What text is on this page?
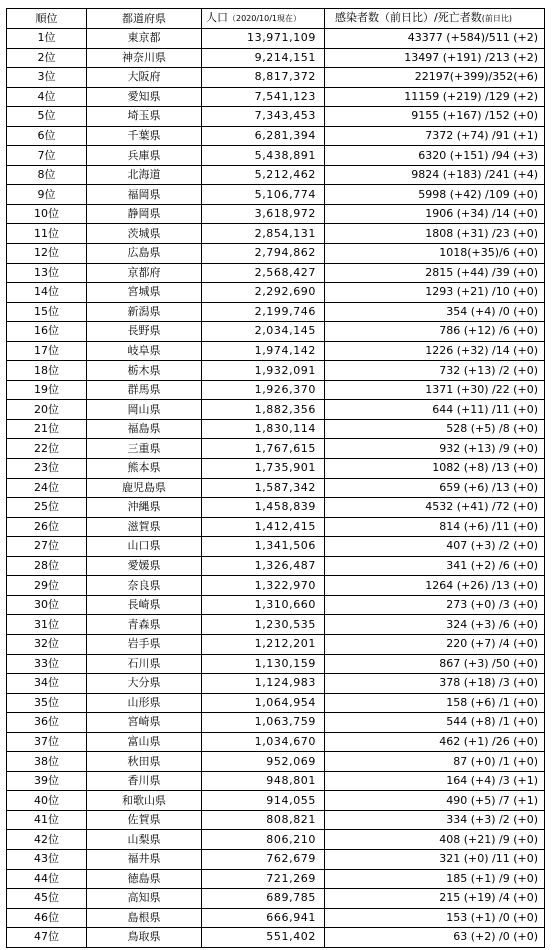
順位	都道府県	人口（2020/10/1現在）	感染者数（前日比）/死亡者数(前日比)
1位	東京都	13,971,109	43377 (+584)/511 (+2)
2位	神奈川県	9,214,151	13497 (+191) /213 (+2)
3位	大阪府	8,817,372	22197(+399)/352(+6)
4位	愛知県	7,541,123	11159 (+219) /129 (+2)
5位	埼玉県	7,343,453	9155 (+167) /152 (+0)
6位	千葉県	6,281,394	7372 (+74) /91 (+1)
7位	兵庫県	5,438,891	6320 (+151) /94 (+3)
8位	北海道	5,212,462	9824 (+183) /241 (+4)
9位	福岡県	5,106,774	5998 (+42) /109 (+0)
10位	静岡県	3,618,972	1906 (+34) /14 (+0)
11位	茨城県	2,854,131	1808 (+31) /23 (+0)
12位	広島県	2,794,862	1018(+35)/6 (+0)
13位	京都府	2,568,427	2815 (+44) /39 (+0)
14位	宮城県	2,292,690	1293 (+21) /10 (+0)
15位	新潟県	2,199,746	354 (+4) /0 (+0)
16位	長野県	2,034,145	786 (+12) /6 (+0)
17位	岐阜県	1,974,142	1226 (+32) /14 (+0)
18位	栃木県	1,932,091	732 (+13) /2 (+0)
19位	群馬県	1,926,370	1371 (+30) /22 (+0)
20位	岡山県	1,882,356	644 (+11) /11 (+0)
21位	福島県	1,830,114	528 (+5) /8 (+0)
22位	三重県	1,767,615	932 (+13) /9 (+0)
23位	熊本県	1,735,901	1082 (+8) /13 (+0)
24位	鹿児島県	1,587,342	659 (+6) /13 (+0)
25位	沖縄県	1,458,839	4532 (+41) /72 (+0)
26位	滋賀県	1,412,415	814 (+6) /11 (+0)
27位	山口県	1,341,506	407 (+3) /2 (+0)
28位	愛媛県	1,326,487	341 (+2) /6 (+0)
29位	奈良県	1,322,970	1264 (+26) /13 (+0)
30位	長崎県	1,310,660	273 (+0) /3 (+0)
31位	青森県	1,230,535	324 (+3) /6 (+0)
32位	岩手県	1,212,201	220 (+7) /4 (+0)
33位	石川県	1,130,159	867 (+3) /50 (+0)
34位	大分県	1,124,983	378 (+18) /3 (+0)
35位	山形県	1,064,954	158 (+6) /1 (+0)
36位	宮崎県	1,063,759	544 (+8) /1 (+0)
37位	富山県	1,034,670	462 (+1) /26 (+0)
38位	秋田県	952,069	87 (+0) /1 (+0)
39位	香川県	948,801	164 (+4) /3 (+1)
40位	和歌山県	914,055	490 (+5) /7 (+1)
41位	佐賀県	808,821	334 (+3) /2 (+0)
42位	山梨県	806,210	408 (+21) /9 (+0)
43位	福井県	762,679	321 (+0) /11 (+0)
44位	徳島県	721,269	185 (+1) /9 (+0)
45位	高知県	689,785	215 (+19) /4 (+0)
46位	島根県	666,941	153 (+1) /0 (+0)
47位	鳥取県	551,402	63 (+2) /0 (+0)
